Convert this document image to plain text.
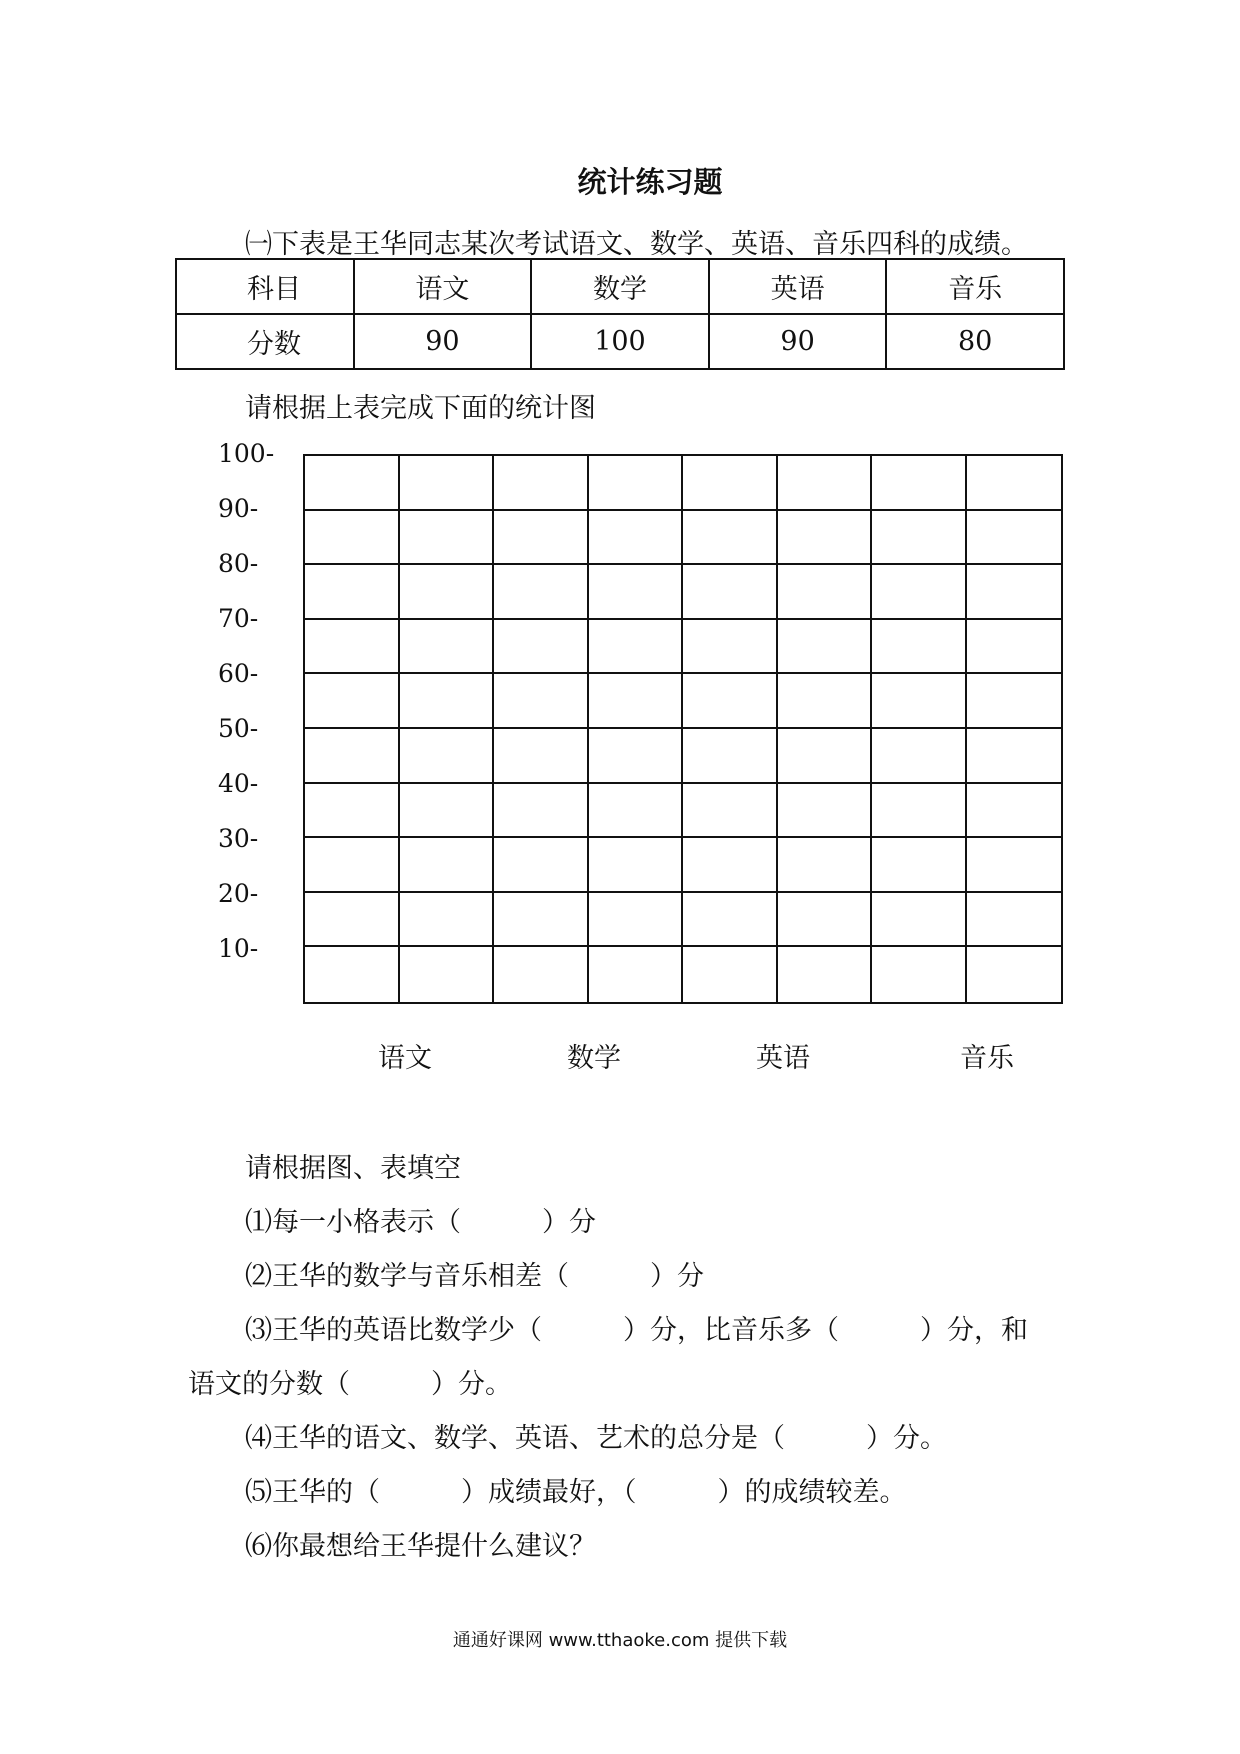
统计练习题
㈠下表是王华同志某次考试语文、数学、英语、音乐四科的成绩。
科目	语文	数学	英语	音乐
分数	90	100	90	80
请根据上表完成下面的统计图
100-
90-
80-
70-
60-
50-
40-
30-
20-
10-
语文	数学	英语	音乐
请根据图、表填空
⑴每一小格表示（　　　）分
⑵王华的数学与音乐相差（　　　）分
⑶王华的英语比数学少（　　　）分，比音乐多（　　　）分，和
语文的分数（　　　）分。
⑷王华的语文、数学、英语、艺术的总分是（　　　）分。
⑸王华的（　　　）成绩最好，（　　　）的成绩较差。
⑹你最想给王华提什么建议？
通通好课网 www.tthaoke.com 提供下载
